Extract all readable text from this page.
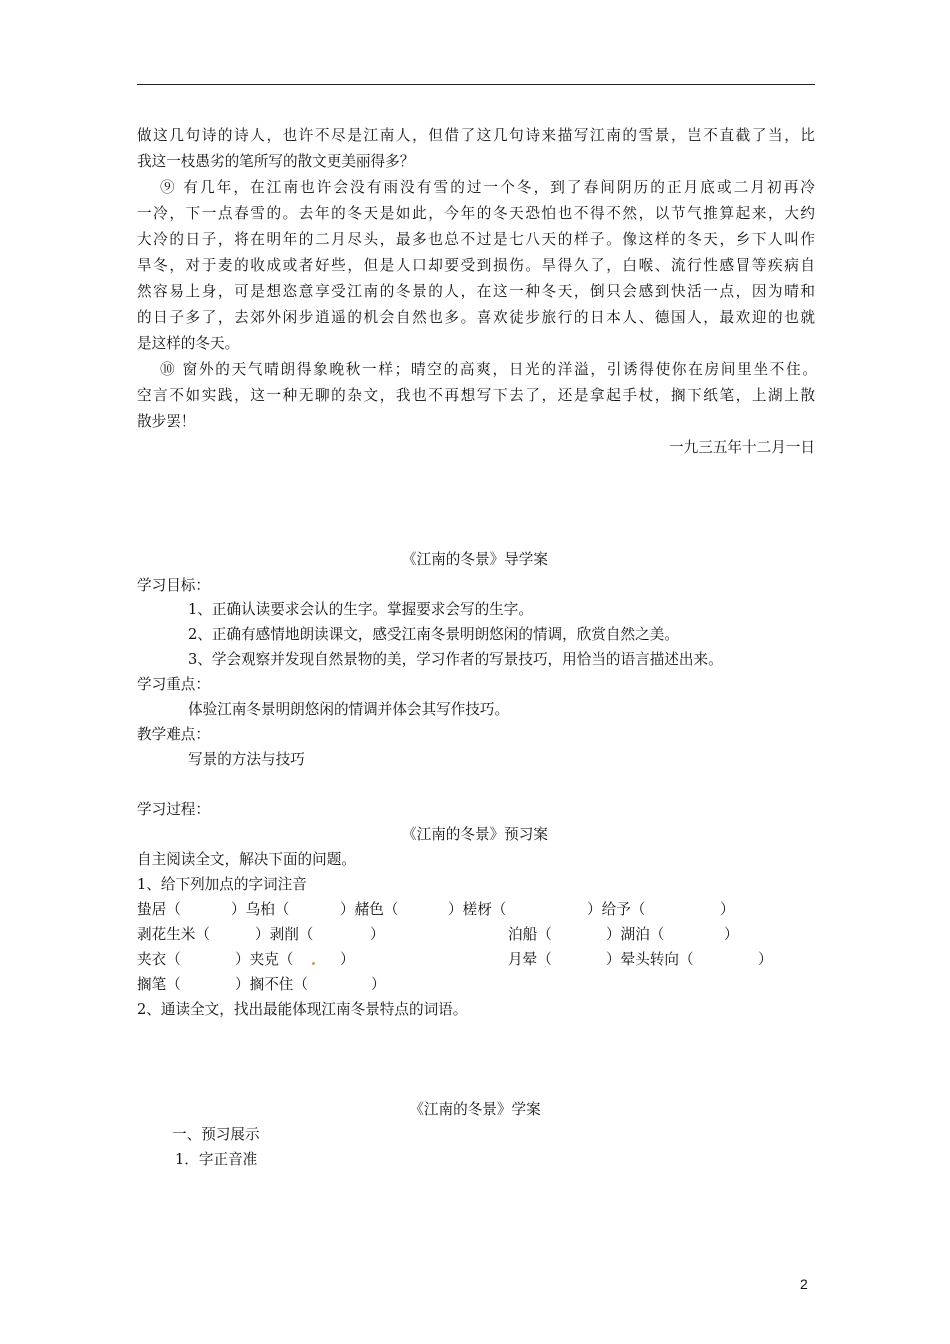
做这几句诗的诗人，也许不尽是江南人，但借了这几句诗来描写江南的雪景，岂不直截了当，比
我这一枝愚劣的笔所写的散文更美丽得多？
⑨ 有几年，在江南也许会没有雨没有雪的过一个冬，到了春间阴历的正月底或二月初再冷
一冷，下一点春雪的。去年的冬天是如此，今年的冬天恐怕也不得不然，以节气推算起来，大约
大冷的日子，将在明年的二月尽头，最多也总不过是七八天的样子。像这样的冬天，乡下人叫作
旱冬，对于麦的收成或者好些，但是人口却要受到损伤。旱得久了，白喉、流行性感冒等疾病自
然容易上身，可是想恣意享受江南的冬景的人，在这一种冬天，倒只会感到快活一点，因为晴和
的日子多了，去郊外闲步逍遥的机会自然也多。喜欢徒步旅行的日本人、德国人，最欢迎的也就
是这样的冬天。
⑩ 窗外的天气晴朗得象晚秋一样；晴空的高爽，日光的洋溢，引诱得使你在房间里坐不住。
空言不如实践，这一种无聊的杂文，我也不再想写下去了，还是拿起手杖，搁下纸笔，上湖上散
散步罢！
一九三五年十二月一日
《江南的冬景》导学案
学习目标：
1、正确认读要求会认的生字。掌握要求会写的生字。
2、正确有感情地朗读课文，感受江南冬景明朗悠闲的情调，欣赏自然之美。
3、学会观察并发现自然景物的美，学习作者的写景技巧，用恰当的语言描述出来。
学习重点：
体验江南冬景明朗悠闲的情调并体会其写作技巧。
教学难点：
写景的方法与技巧
学习过程：
《江南的冬景》预习案
自主阅读全文，解决下面的问题。
1、给下列加点的字词注音
蛰居（	）乌桕（	）赭色（	）槎枒（	）给予（	）
剥花生米（	）剥削（	）	泊船（	）湖泊（	）
夹衣（	）夹克（	）	月晕（	）晕头转向（	）
搁笔（	）搁不住（	）
2、通读全文，找出最能体现江南冬景特点的词语。
《江南的冬景》学案
一、预习展示
1．字正音准
2
